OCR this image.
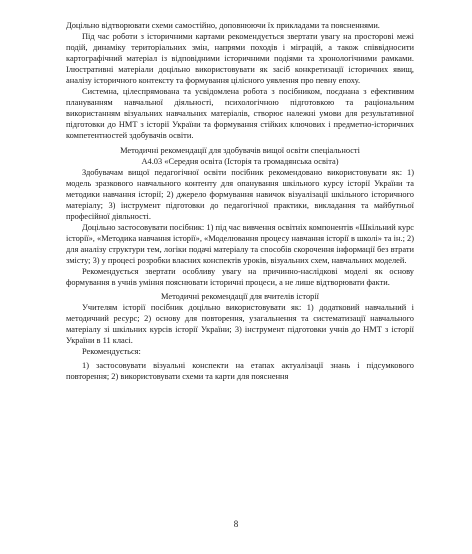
Доцільно відтворювати схеми самостійно, доповнюючи їх прикладами та поясненнями.

Під час роботи з історичними картами рекомендується звертати увагу на просторові межі подій, динаміку територіальних змін, напрями походів і міграцій, а також співвідносити картографічний матеріал із відповідними історичними подіями та хронологічними рамками. Ілюстративні матеріали доцільно використовувати як засіб конкретизації історичних явищ, аналізу історичного контексту та формування цілісного уявлення про певну епоху.

Системна, цілеспрямована та усвідомлена робота з посібником, поєднана з ефективним плануванням навчальної діяльності, психологічною підготовкою та раціональним використанням візуальних навчальних матеріалів, створює належні умови для результативної підготовки до НМТ з історії України та формування стійких ключових і предметно-історичних компетентностей здобувачів освіти.

Методичні рекомендації для здобувачів вищої освіти спеціальності

А4.03 «Середня освіта (Історія та громадянська освіта)

Здобувачам вищої педагогічної освіти посібник рекомендовано використовувати як: 1) модель зразкового навчального контенту для опанування шкільного курсу історії України та методики навчання історії; 2) джерело формування навичок візуалізації шкільного історичного матеріалу; 3) інструмент підготовки до педагогічної практики, викладання та майбутньої професійної діяльності.

Доцільно застосовувати посібник: 1) під час вивчення освітніх компонентів «Шкільний курс історії», «Методика навчання історії», «Моделювання процесу навчання історії в школі» та ін.; 2) для аналізу структури тем, логіки подачі матеріалу та способів скорочення інформації без втрати змісту; 3) у процесі розробки власних конспектів уроків, візуальних схем, навчальних моделей.

Рекомендується звертати особливу увагу на причинно-наслідкові моделі як основу формування в учнів уміння пояснювати історичні процеси, а не лише відтворювати факти.

Методичні рекомендації для вчителів історії

Учителям історії посібник доцільно використовувати як: 1) додатковий навчальний і методичний ресурс; 2) основу для повторення, узагальнення та систематизації навчального матеріалу зі шкільних курсів історії України; 3) інструмент підготовки учнів до НМТ з історії України в 11 класі.

Рекомендується:

1) застосовувати візуальні конспекти на етапах актуалізації знань і підсумкового повторення; 2) використовувати схеми та карти для пояснення

8
